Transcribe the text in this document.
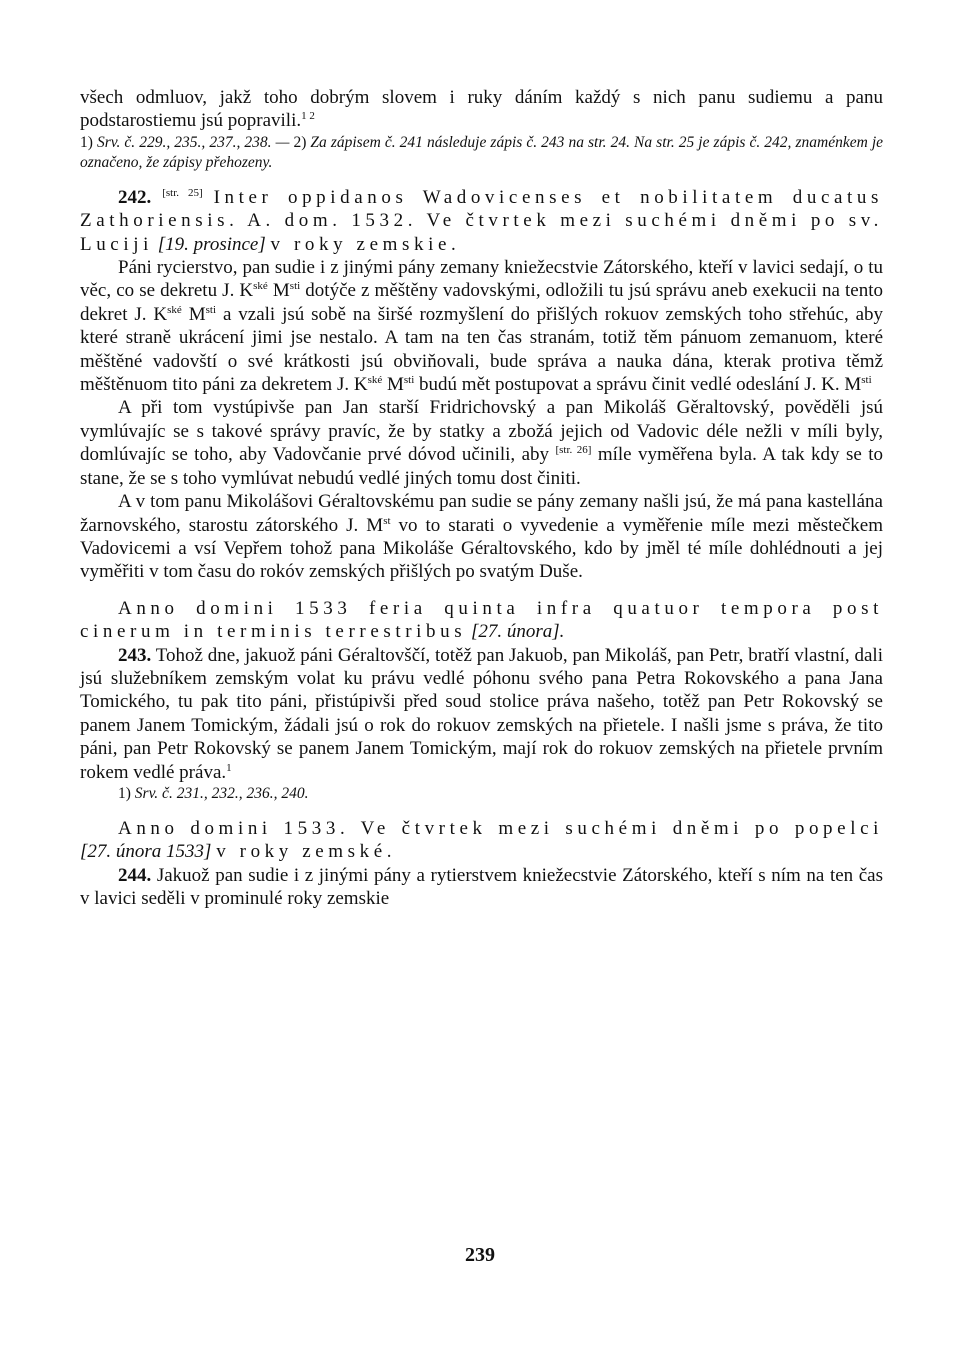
všech odmluov, jakž toho dobrým slovem i ruky dáním každý s nich panu sudiemu a panu podstarostiemu jsú popravili.$^{1 2}$

1) Srv. č. 229., 235., 237., 238. — 2) Za zápisem č. 241 následuje zápis č. 243 na str. 24. Na str. 25 je zápis č. 242, znaménkem je označeno, že zápisy přehozeny.

242. [str. 25] Inter oppidanos Wadovicenses et nobilitatem ducatus Zathoriensis. A. dom. 1532. Ve čtvrtek mezi suchémi dněmi po sv. Luciji [19. prosince] v roky zemskie.

Páni rycierstvo, pan sudie i z jinými pány zemany kniežecstvie Zátorského, kteří v lavici sedají, o tu věc, co se dekretu J. $K^{ské}$ $M^{sti}$ dotýče z měštěny vadovskými, odložili tu jsú správu aneb exekucii na tento dekret J. $K^{ské}$ $M^{sti}$ a vzali jsú sobě na širšé rozmyšlení do přišlých rokuov zemských toho střehúc, aby které straně ukrácení jimi jse nestalo. A tam na ten čas stranám, totiž těm pánuom zemanuom, které měštěné vadovští o své krátkosti jsú obviňovali, bude správa a nauka dána, kterak protiva těmž měštěnuom tito páni za dekretem J. $K^{ské}$ $M^{sti}$ budú mět postupovat a správu činit vedlé odeslání J. K. $M^{sti}$

A při tom vystúpivše pan Jan starší Fridrichovský a pan Mikoláš Gěraltovský, pověděli jsú vymlúvajíc se s takové správy pravíc, že by statky a zbožá jejich od Vadovic déle nežli v míli byly, domlúvajíc se toho, aby Vadovčanie prvé dóvod učinili, aby [str. 26] míle vyměřena byla. A tak kdy se to stane, že se s toho vymlúvat nebudú vedlé jiných tomu dost činiti.

A v tom panu Mikolášovi Géraltovskému pan sudie se pány zemany našli jsú, že má pana kastellána žarnovského, starostu zátorského J. Mst vo to starati o vyvedenie a vyměřenie míle mezi městečkem Vadovicemi a vsí Vepřem tohož pana Mikoláše Géraltovského, kdo by jměl té míle dohlédnouti a jej vyměřiti v tom času do rokóv zemských přišlých po svatým Duše.

Anno domini 1533 feria quinta infra quatuor tempora post cinerum in terminis terrestribus [27. února].

243. Tohož dne, jakuož páni Géraltovščí, totěž pan Jakuob, pan Mikoláš, pan Petr, bratří vlastní, dali jsú služebníkem zemským volat ku právu vedlé póhonu svého pana Petra Rokovského a pana Jana Tomického, tu pak tito páni, přistúpivši před soud stolice práva našeho, totěž pan Petr Rokovský se panem Janem Tomickým, žádali jsú o rok do rokuov zemských na přietele. I našli jsme s práva, že tito páni, pan Petr Rokovský se panem Janem Tomickým, mají rok do rokuov zemských na přietele prvním rokem vedlé práva.$^1$

1) Srv. č. 231., 232., 236., 240.

Anno domini 1533. Ve čtvrtek mezi suchémi dněmi po popelci [27. února 1533] v roky zemské.

244. Jakuož pan sudie i z jinými pány a rytierstvem kniežecstvie Zátorského, kteří s ním na ten čas v lavici seděli v prominulé roky zemskie

239
